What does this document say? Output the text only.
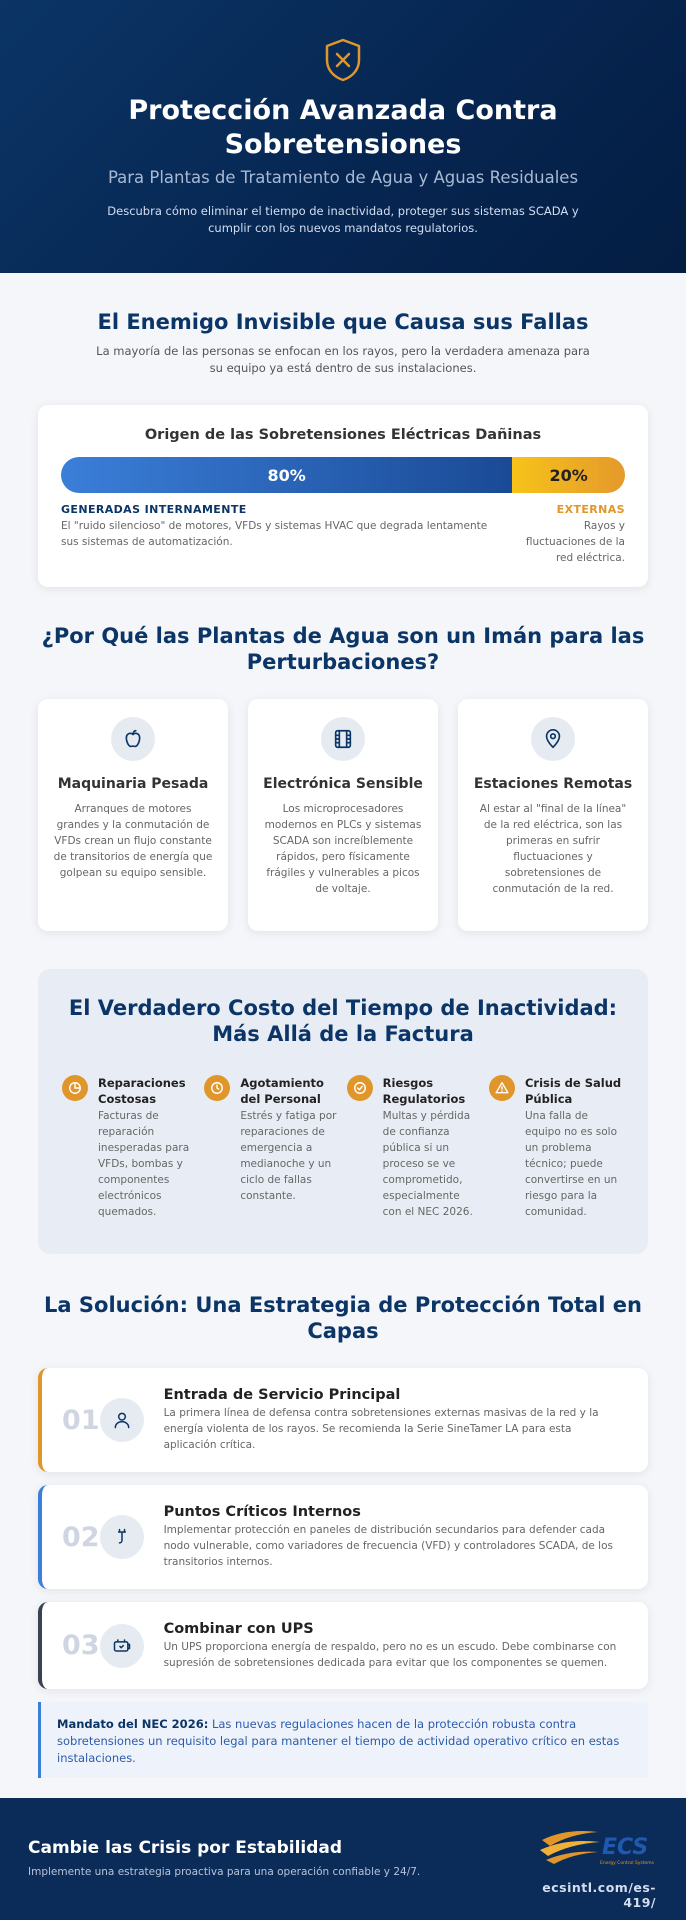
Protección Avanzada Contra Sobretensiones
Para Plantas de Tratamiento de Agua y Aguas Residuales

Descubra cómo eliminar el tiempo de inactividad, proteger sus sistemas SCADA y cumplir con los nuevos mandatos regulatorios.

El Enemigo Invisible que Causa sus Fallas

La mayoría de las personas se enfocan en los rayos, pero la verdadera amenaza para su equipo ya está dentro de sus instalaciones.

Origen de las Sobretensiones Eléctricas Dañinas
80%	20%
GENERADAS INTERNAMENTE
El "ruido silencioso" de motores, VFDs y sistemas HVAC que degrada lentamente sus sistemas de automatización.
EXTERNAS
Rayos y fluctuaciones de la red eléctrica.
¿Por Qué las Plantas de Agua son un Imán para las Perturbaciones?
Maquinaria Pesada

Arranques de motores grandes y la conmutación de VFDs crean un flujo constante de transitorios de energía que golpean su equipo sensible.

Electrónica Sensible

Los microprocesadores modernos en PLCs y sistemas SCADA son increíblemente rápidos, pero físicamente frágiles y vulnerables a picos de voltaje.

Estaciones Remotas

Al estar al "final de la línea" de la red eléctrica, son las primeras en sufrir fluctuaciones y sobretensiones de conmutación de la red.

El Verdadero Costo del Tiempo de Inactividad: Más Allá de la Factura
Reparaciones Costosas

Facturas de reparación inesperadas para VFDs, bombas y componentes electrónicos quemados.

Agotamiento del Personal

Estrés y fatiga por reparaciones de emergencia a medianoche y un ciclo de fallas constante.

Riesgos Regulatorios

Multas y pérdida de confianza pública si un proceso se ve comprometido, especialmente con el NEC 2026.

Crisis de Salud Pública

Una falla de equipo no es solo un problema técnico; puede convertirse en un riesgo para la comunidad.

La Solución: Una Estrategia de Protección Total en Capas
01
Entrada de Servicio Principal

La primera línea de defensa contra sobretensiones externas masivas de la red y la energía violenta de los rayos. Se recomienda la Serie SineTamer LA para esta aplicación crítica.

02
Puntos Críticos Internos

Implementar protección en paneles de distribución secundarios para defender cada nodo vulnerable, como variadores de frecuencia (VFD) y controladores SCADA, de los transitorios internos.

03
Combinar con UPS

Un UPS proporciona energía de respaldo, pero no es un escudo. Debe combinarse con supresión de sobretensiones dedicada para evitar que los componentes se quemen.

Mandato del NEC 2026: Las nuevas regulaciones hacen de la protección robusta contra sobretensiones un requisito legal para mantener el tiempo de actividad operativo crítico en estas instalaciones.
Cambie las Crisis por Estabilidad
Implemente una estrategia proactiva para una operación confiable y 24/7.
ECS
Energy Control Systems
ecsintl.com/es-419/
